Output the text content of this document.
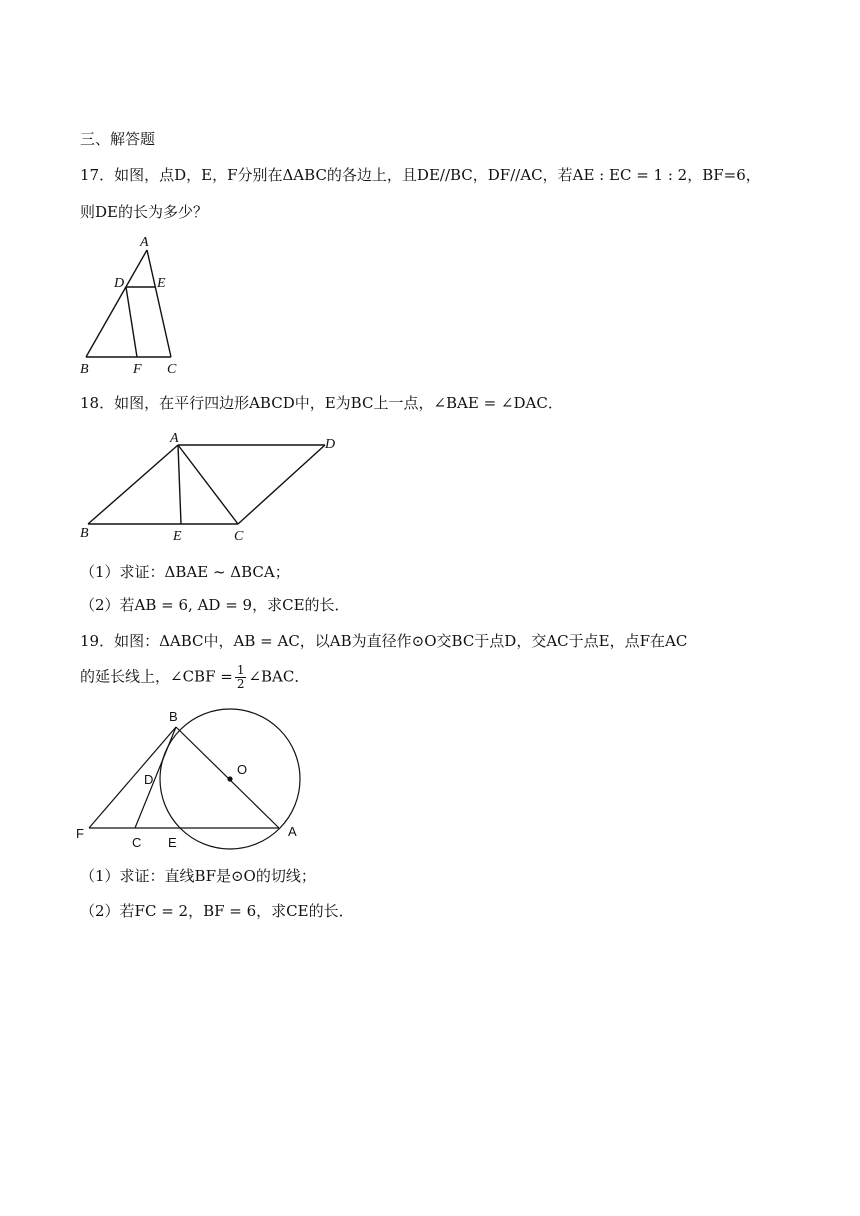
三、解答题
17．如图，点D，E，F分别在ΔABC的各边上，且DE//BC，DF//AC，若AE : EC = 1 : 2，BF=6，
则DE的长为多少？
A
D E
B	F C
18．如图，在平行四边形ABCD中，E为BC上一点，∠BAE = ∠DAC．
A	D
B	E	C
（1）求证：ΔBAE ~ ΔBCA；
（2）若AB = 6, AD = 9，求CE的长．
19．如图：ΔABC中，AB = AC，以AB为直径作⊙O交BC于点D，交AC于点E，点F在AC
的延长线上，∠CBF = $\frac{1}{2}$ ∠BAC．
B
O
D
F
C E
A
（1）求证：直线BF是⊙O的切线；
（2）若FC = 2，BF = 6，求CE的长．
